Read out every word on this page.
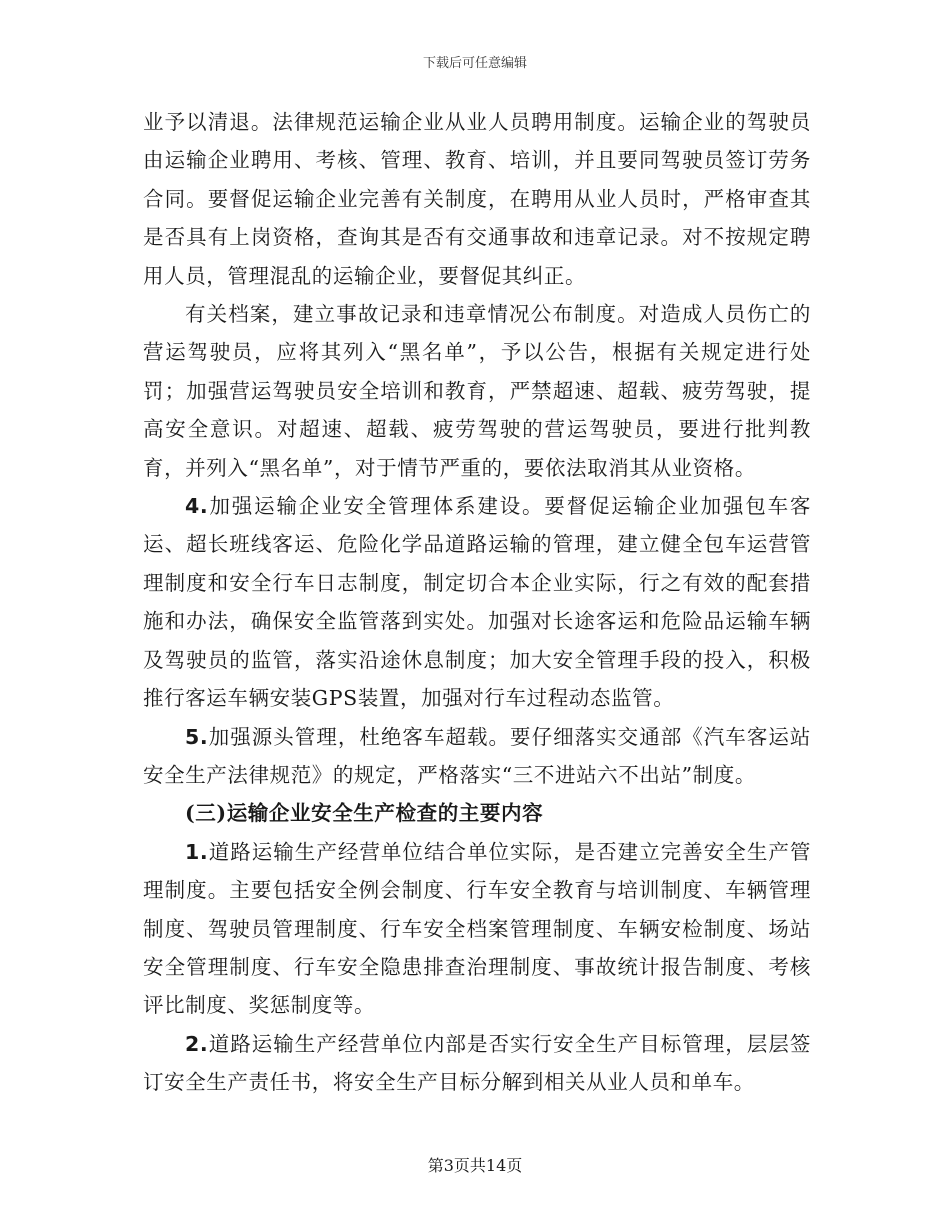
下载后可任意编辑

业予以清退。法律规范运输企业从业人员聘用制度。运输企业的驾驶员由运输企业聘用、考核、管理、教育、培训，并且要同驾驶员签订劳务合同。要督促运输企业完善有关制度，在聘用从业人员时，严格审查其是否具有上岗资格，查询其是否有交通事故和违章记录。对不按规定聘用人员，管理混乱的运输企业，要督促其纠正。

有关档案，建立事故记录和违章情况公布制度。对造成人员伤亡的营运驾驶员，应将其列入“黑名单”，予以公告，根据有关规定进行处罚；加强营运驾驶员安全培训和教育，严禁超速、超载、疲劳驾驶，提高安全意识。对超速、超载、疲劳驾驶的营运驾驶员，要进行批判教育，并列入“黑名单”，对于情节严重的，要依法取消其从业资格。

4.加强运输企业安全管理体系建设。要督促运输企业加强包车客运、超长班线客运、危险化学品道路运输的管理，建立健全包车运营管理制度和安全行车日志制度，制定切合本企业实际，行之有效的配套措施和办法，确保安全监管落到实处。加强对长途客运和危险品运输车辆及驾驶员的监管，落实沿途休息制度；加大安全管理手段的投入，积极推行客运车辆安装GPS装置，加强对行车过程动态监管。

5.加强源头管理，杜绝客车超载。要仔细落实交通部《汽车客运站安全生产法律规范》的规定，严格落实“三不进站六不出站”制度。

(三)运输企业安全生产检查的主要内容

1.道路运输生产经营单位结合单位实际，是否建立完善安全生产管理制度。主要包括安全例会制度、行车安全教育与培训制度、车辆管理制度、驾驶员管理制度、行车安全档案管理制度、车辆安检制度、场站安全管理制度、行车安全隐患排查治理制度、事故统计报告制度、考核评比制度、奖惩制度等。

2.道路运输生产经营单位内部是否实行安全生产目标管理，层层签订安全生产责任书，将安全生产目标分解到相关从业人员和单车。

第3页共14页
